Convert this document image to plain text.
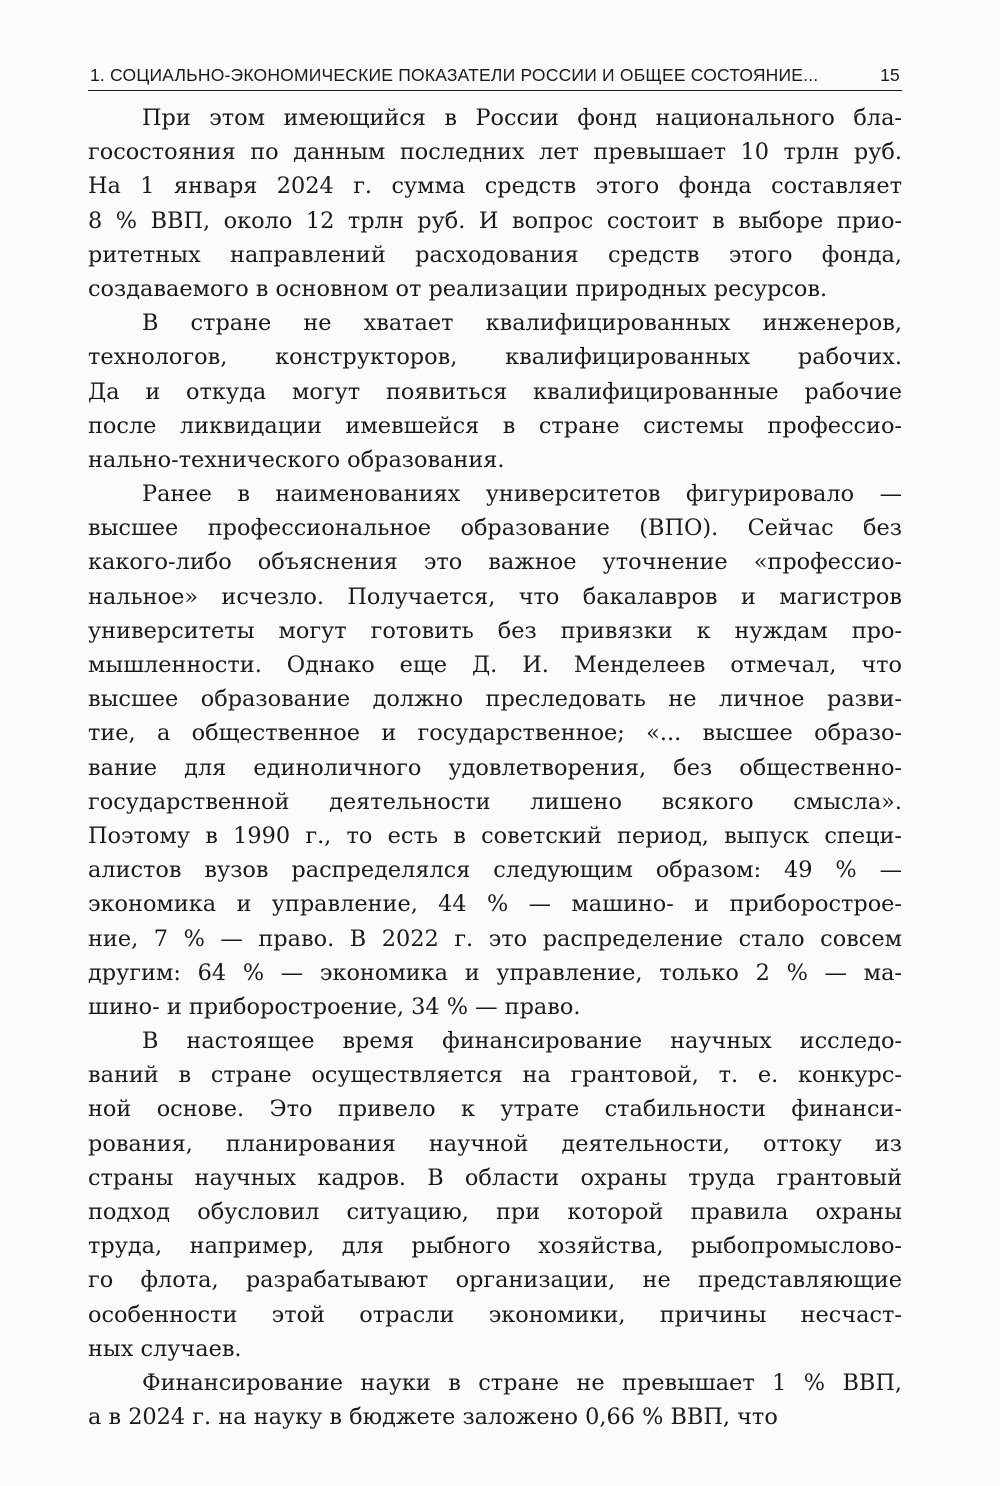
1. СОЦИАЛЬНО-ЭКОНОМИЧЕСКИЕ ПОКАЗАТЕЛИ РОССИИ И ОБЩЕЕ СОСТОЯНИЕ...	15
При этом имеющийся в России фонд национального бла-
госостояния по данным последних лет превышает 10 трлн руб.
На 1 января 2024 г. сумма средств этого фонда составляет
8 % ВВП, около 12 трлн руб. И вопрос состоит в выборе прио-
ритетных направлений расходования средств этого фонда,
создаваемого в основном от реализации природных ресурсов.
В стране не хватает квалифицированных инженеров,
технологов, конструкторов, квалифицированных рабочих.
Да и откуда могут появиться квалифицированные рабочие
после ликвидации имевшейся в стране системы профессио-
нально-технического образования.
Ранее в наименованиях университетов фигурировало —
высшее профессиональное образование (ВПО). Сейчас без
какого-либо объяснения это важное уточнение «профессио-
нальное» исчезло. Получается, что бакалавров и магистров
университеты могут готовить без привязки к нуждам про-
мышленности. Однако еще Д. И. Менделеев отмечал, что
высшее образование должно преследовать не личное разви-
тие, а общественное и государственное; «... высшее образо-
вание для единоличного удовлетворения, без общественно-
государственной деятельности лишено всякого смысла».
Поэтому в 1990 г., то есть в советский период, выпуск специ-
алистов вузов распределялся следующим образом: 49 % —
экономика и управление, 44 % — машино- и приборострое-
ние, 7 % — право. В 2022 г. это распределение стало совсем
другим: 64 % — экономика и управление, только 2 % — ма-
шино- и приборостроение, 34 % — право.
В настоящее время финансирование научных исследо-
ваний в стране осуществляется на грантовой, т. е. конкурс-
ной основе. Это привело к утрате стабильности финанси-
рования, планирования научной деятельности, оттоку из
страны научных кадров. В области охраны труда грантовый
подход обусловил ситуацию, при которой правила охраны
труда, например, для рыбного хозяйства, рыбопромыслово-
го флота, разрабатывают организации, не представляющие
особенности этой отрасли экономики, причины несчаст-
ных случаев.
Финансирование науки в стране не превышает 1 % ВВП,
а в 2024 г. на науку в бюджете заложено 0,66 % ВВП, что
